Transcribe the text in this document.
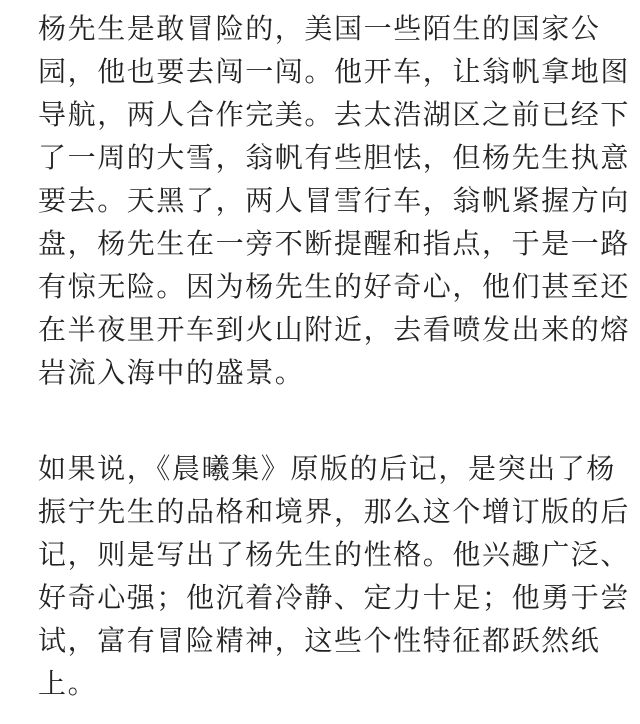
杨先生是敢冒险的，美国一些陌生的国家公
园，他也要去闯一闯。他开车，让翁帆拿地图
导航，两人合作完美。去太浩湖区之前已经下
了一周的大雪，翁帆有些胆怯，但杨先生执意
要去。天黑了，两人冒雪行车，翁帆紧握方向
盘，杨先生在一旁不断提醒和指点，于是一路
有惊无险。因为杨先生的好奇心，他们甚至还
在半夜里开车到火山附近，去看喷发出来的熔
岩流入海中的盛景。
如果说，《晨曦集》原版的后记，是突出了杨
振宁先生的品格和境界，那么这个增订版的后
记，则是写出了杨先生的性格。他兴趣广泛、
好奇心强；他沉着冷静、定力十足；他勇于尝
试，富有冒险精神，这些个性特征都跃然纸
上。
